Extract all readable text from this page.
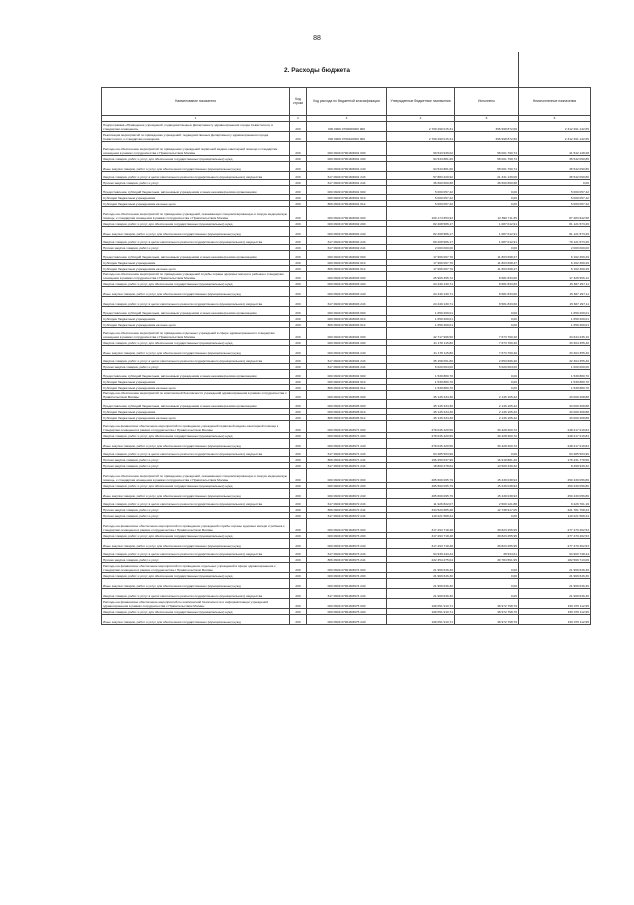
88
2. Расходы бюджета
Наименование показателя	Код строки	Код расхода по бюджетной классификации	Утвержденные бюджетные назначения	Исполнено	Неисполненные назначения
1	2	3	4	5	6
Подпрограмма «Приведение учреждений, подведомственных Департаменту здравоохранения города Севастополя, в стандартам оснащения»	200	000 0909 0790000000 000	2 709 290 015,31	396 998 872,66	2 312 291 142,65
Реализация мероприятий по приведению учреждений, подведомственных Департаменту здравоохранения города Севастополя, к стандартам оснащения	200	000 0909 0790100000 000	2 709 290 015,31	396 998 872,66	2 312 291 142,65
Расходы на обеспечение мероприятий по приведению учреждений первичной медико-санитарной помощи к стандартам оснащения в рамках сотрудничества с Правительством Москвы	200	000 0909 07901М3601 000	99 543 939,02	58 001 790,74	41 542 148,28
Закупка товаров, работ и услуг для обеспечения государственных (муниципальных) нужд	200	000 0909 07901М3601 200	94 543 881,60	58 001 790,74	36 542 090,86
Иные закупки товаров, работ и услуг для обеспечения государственных (муниципальных) нужд	200	000 0909 07901М3601 240	94 543 881,60	58 001 790,74	36 542 090,86
Закупка товаров, работ и услуг в целях капитального ремонта государственного (муниципального) имущества	200	617 0909 07901М3601 243	57 883 220,92	21 341 130,06	36 542 090,86
Прочая закупка товаров, работ и услуг	200	617 0909 07901М3601 244	36 660 660,68	36 660 660,68	0,00
Предоставление субсидий бюджетным, автономным учреждениям и иным некоммерческим организациям	200	000 0909 07901М3601 600	5 000 057,42	0,00	5 000 057,42
Субсидии бюджетным учреждениям	200	000 0909 07901М3601 610	5 000 057,42	0,00	5 000 057,42
Субсидии бюджетным учреждениям на иные цели	200	806 0909 07901М3601 612	5 000 057,42	0,00	5 000 057,42
Расходы на обеспечение мероприятий по приведению учреждений, оказывающих специализированную и скорую медицинскую помощь, к стандартам оснащения в рамках сотрудничества с Правительством Москвы	200	000 0909 07901М3602 000	100 174 653,93	12 890 711,35	87 283 942,58
Закупка товаров, работ и услуг для обеспечения государственных (муниципальных) нужд	200	000 0909 07901М3602 200	82 208 586,17	1 087 012,91	81 121 573,26
Иные закупки товаров, работ и услуг для обеспечения государственных (муниципальных) нужд	200	000 0909 07901М3602 240	82 208 586,17	1 087 012,91	81 121 573,26
Закупка товаров, работ и услуг в целях капитального ремонта государственного (муниципального) имущества	200	617 0909 07901М3602 243	80 208 586,17	1 087 012,91	79 121 573,26
Прочая закупка товаров, работ и услуг	200	617 0909 07901М3602 244	2 000 000,00	0,00	2 000 000,00
Предоставление субсидий бюджетным, автономным учреждениям и иным некоммерческим организациям	200	000 0909 07901М3602 600	17 966 067,76	11 803 698,47	6 162 369,29
Субсидии бюджетным учреждениям	200	000 0909 07901М3602 610	17 966 067,76	11 803 698,47	6 162 369,29
Субсидии бюджетным учреждениям на иные цели	200	806 0909 07901М3602 612	17 966 067,76	11 803 698,47	6 162 369,29
Расходы на обеспечение мероприятий по приведению учреждений службы охраны здоровья матери и ребенка к стандартам оснащения в рамках сотрудничества с Правительством Москвы	200	000 0909 07901М3603 000	25 909 395,72	8 581 833,60	17 326 566,12
Закупка товаров, работ и услуг для обеспечения государственных (муниципальных) нужд	200	000 0909 07901М3603 200	24 249 130,71	8 581 833,60	15 667 297,11
Иные закупки товаров, работ и услуг для обеспечения государственных (муниципальных) нужд	200	000 0909 07901М3603 240	24 249 130,71	8 581 833,60	15 667 297,11
Закупка товаров, работ и услуг в целях капитального ремонта государственного (муниципального) имущества	200	617 0909 07901М3603 243	24 249 130,71	8 581 833,60	15 667 297,11
Предоставление субсидий бюджетным, автономным учреждениям и иным некоммерческим организациям	200	000 0909 07901М3603 600	1 659 269,01	0,00	1 659 269,01
Субсидии бюджетным учреждениям	200	000 0909 07901М3603 610	1 659 269,01	0,00	1 659 269,01
Субсидии бюджетным учреждениям на иные цели	200	806 0909 07901М3603 612	1 659 269,01	0,00	1 659 269,01
Расходы на обеспечение мероприятий по приведению отдельных учреждений в сфере здравоохранения к стандартам оснащения в рамках сотрудничества с Правительством Москвы	200	000 0909 07901М3604 000	42 717 996,50	7 673 760,40	34 644 236,10
Закупка товаров, работ и услуг для обеспечения государственных (муниципальных) нужд	200	000 0909 07901М3604 200	41 178 115,80	7 673 760,40	33 304 355,40
Иные закупки товаров, работ и услуг для обеспечения государственных (муниципальных) нужд	200	000 0909 07901М3604 240	41 178 115,80	7 673 760,40	33 304 355,40
Закупка товаров, работ и услуг в целях капитального ремонта государственного (муниципального) имущества	200	617 0909 07901М3604 243	35 158 051,80	2 653 696,40	32 304 355,40
Прочая закупка товаров, работ и услуг	200	617 0909 07901М3604 244	6 020 064,00	5 020 064,00	1 000 000,00
Предоставление субсидий бюджетным, автономным учреждениям и иным некоммерческим организациям	200	000 0909 07901М3604 600	1 539 880,70	0,00	1 539 880,70
Субсидии бюджетным учреждениям	200	000 0909 07901М3604 610	1 539 880,70	0,00	1 539 880,70
Субсидии бюджетным учреждениям на иные цели	200	806 0909 07901М3604 612	1 539 880,70	0,00	1 539 880,70
Расходы на обеспечение мероприятий по комплексной безопасности учреждений здравоохранения в рамках сотрудничества с Правительством Москвы	200	000 0909 07901М3605 000	45 145 434,30	2 146 165,42	43 000 268,88
Предоставление субсидий бюджетным, автономным учреждениям и иным некоммерческим организациям	200	000 0909 07901М3605 600	45 145 434,30	2 146 165,42	43 000 268,88
Субсидии бюджетным учреждениям	200	000 0909 07901М3605 610	45 145 434,30	2 146 165,42	43 000 268,88
Субсидии бюджетным учреждениям на иные цели	200	806 0909 07901М3605 612	45 145 434,30	2 146 165,42	43 000 268,88
Расходы на финансовое обеспечение мероприятий по приведению учреждений первичной медико-санитарной помощи к стандартам оснащения в рамках сотрудничества с Правительством Москвы	200	000 0909 07901М3671 000	278 645 420,56	30 428 200,72	248 217 219,84
Закупка товаров, работ и услуг для обеспечения государственных (муниципальных) нужд	200	000 0909 07901М3671 200	278 645 420,56	30 428 200,72	248 217 219,84
Иные закупки товаров, работ и услуг для обеспечения государственных (муниципальных) нужд	200	000 0909 07901М3671 240	278 645 420,56	30 428 200,72	248 217 219,84
Закупка товаров, работ и услуг в целях капитального ремонта государственного (муниципального) имущества	200	617 0909 07901М3671 243	63 485 503,96	0,00	63 485 503,96
Прочая закупка товаров, работ и услуг	200	806 0909 07901М3671 244	196 250 637,96	16 918 881,40	176 431 778,56
Прочая закупка товаров, работ и услуг	200	617 0909 07901М3671 244	18 809 278,64	13 509 339,32	8 299 939,32
Расходы на обеспечение мероприятий по приведению учреждений, оказывающих специализированную и скорую медицинскую помощь, к стандартам оснащения в рамках сотрудничества с Правительством Москвы	200	000 0909 07901М3672 000	465 669 095,79	15 239 038,93	450 430 056,86
Закупка товаров, работ и услуг для обеспечения государственных (муниципальных) нужд	200	000 0909 07901М3672 200	465 669 095,79	15 239 038,93	450 430 056,86
Иные закупки товаров, работ и услуг для обеспечения государственных (муниципальных) нужд	200	000 0909 07901М3672 240	465 669 095,79	15 239 038,93	450 430 056,86
Закупка товаров, работ и услуг в целях капитального ремонта государственного (муниципального) имущества	200	617 0909 07901М3672 243	11 926 822,07	2 500 121,88	9 426 701,19
Прочая закупка товаров, работ и услуг	200	806 0909 07901М3672 244	334 520 685,28	12 738 917,05	321 781 768,23
Прочая закупка товаров, работ и услуг	200	617 0909 07901М3672 244	119 221 588,44	0,00	119 221 588,44
Расходы на финансовое обеспечение мероприятий по приведению учреждений службы охраны здоровья матери и ребенка к стандартам оснащения в рамках сотрудничества с Правительством Москвы	200	000 0909 07901М3673 000	317 293 718,48	39 823 255,95	277 470 462,53
Закупка товаров, работ и услуг для обеспечения государственных (муниципальных) нужд	200	000 0909 07901М3673 200	317 293 718,48	39 823 255,95	277 470 462,53
Иные закупки товаров, работ и услуг для обеспечения государственных (муниципальных) нужд	200	000 0909 07901М3673 240	317 293 718,48	39 823 255,95	277 470 462,53
Закупка товаров, работ и услуг в целях капитального ремонта государственного (муниципального) имущества	200	617 0909 07901М3673 243	94 939 443,44	38 934,61	94 900 748,44
Прочая закупка товаров, работ и услуг	200	806 0909 07901М3673 244	222 354 275,04	39 784 561,95	182 569 713,09
Расходы на финансовое обеспечение мероприятий по приведению отдельных учреждений в сфере здравоохранения к стандартам оснащения в рамках сотрудничества с Правительством Москвы	200	000 0909 07901М3674 000	21 969 646,30	0,00	21 969 646,30
Закупка товаров, работ и услуг для обеспечения государственных (муниципальных) нужд	200	000 0909 07901М3674 200	21 969 646,30	0,00	21 969 646,30
Иные закупки товаров, работ и услуг для обеспечения государственных (муниципальных) нужд	200	000 0909 07901М3674 240	21 969 646,30	0,00	21 969 646,30
Закупка товаров, работ и услуг в целях капитального ремонта государственного (муниципального) имущества	200	617 0909 07901М3674 243	21 969 646,30	0,00	21 969 646,30
Расходы на финансовое обеспечение мероприятий по комплексной безопасности и информатизации учреждений здравоохранения в рамках сотрудничества с Правительством Москвы	200	000 0909 07901М3675 000	199 051 910,71	48 972 798,76	150 079 112,95
Закупка товаров, работ и услуг для обеспечения государственных (муниципальных) нужд	200	000 0909 07901М3675 200	199 051 910,71	48 972 798,76	150 079 112,95
Иные закупки товаров, работ и услуг для обеспечения государственных (муниципальных) нужд	200	000 0909 07901М3675 240	199 051 910,71	48 972 798,76	150 079 112,95
